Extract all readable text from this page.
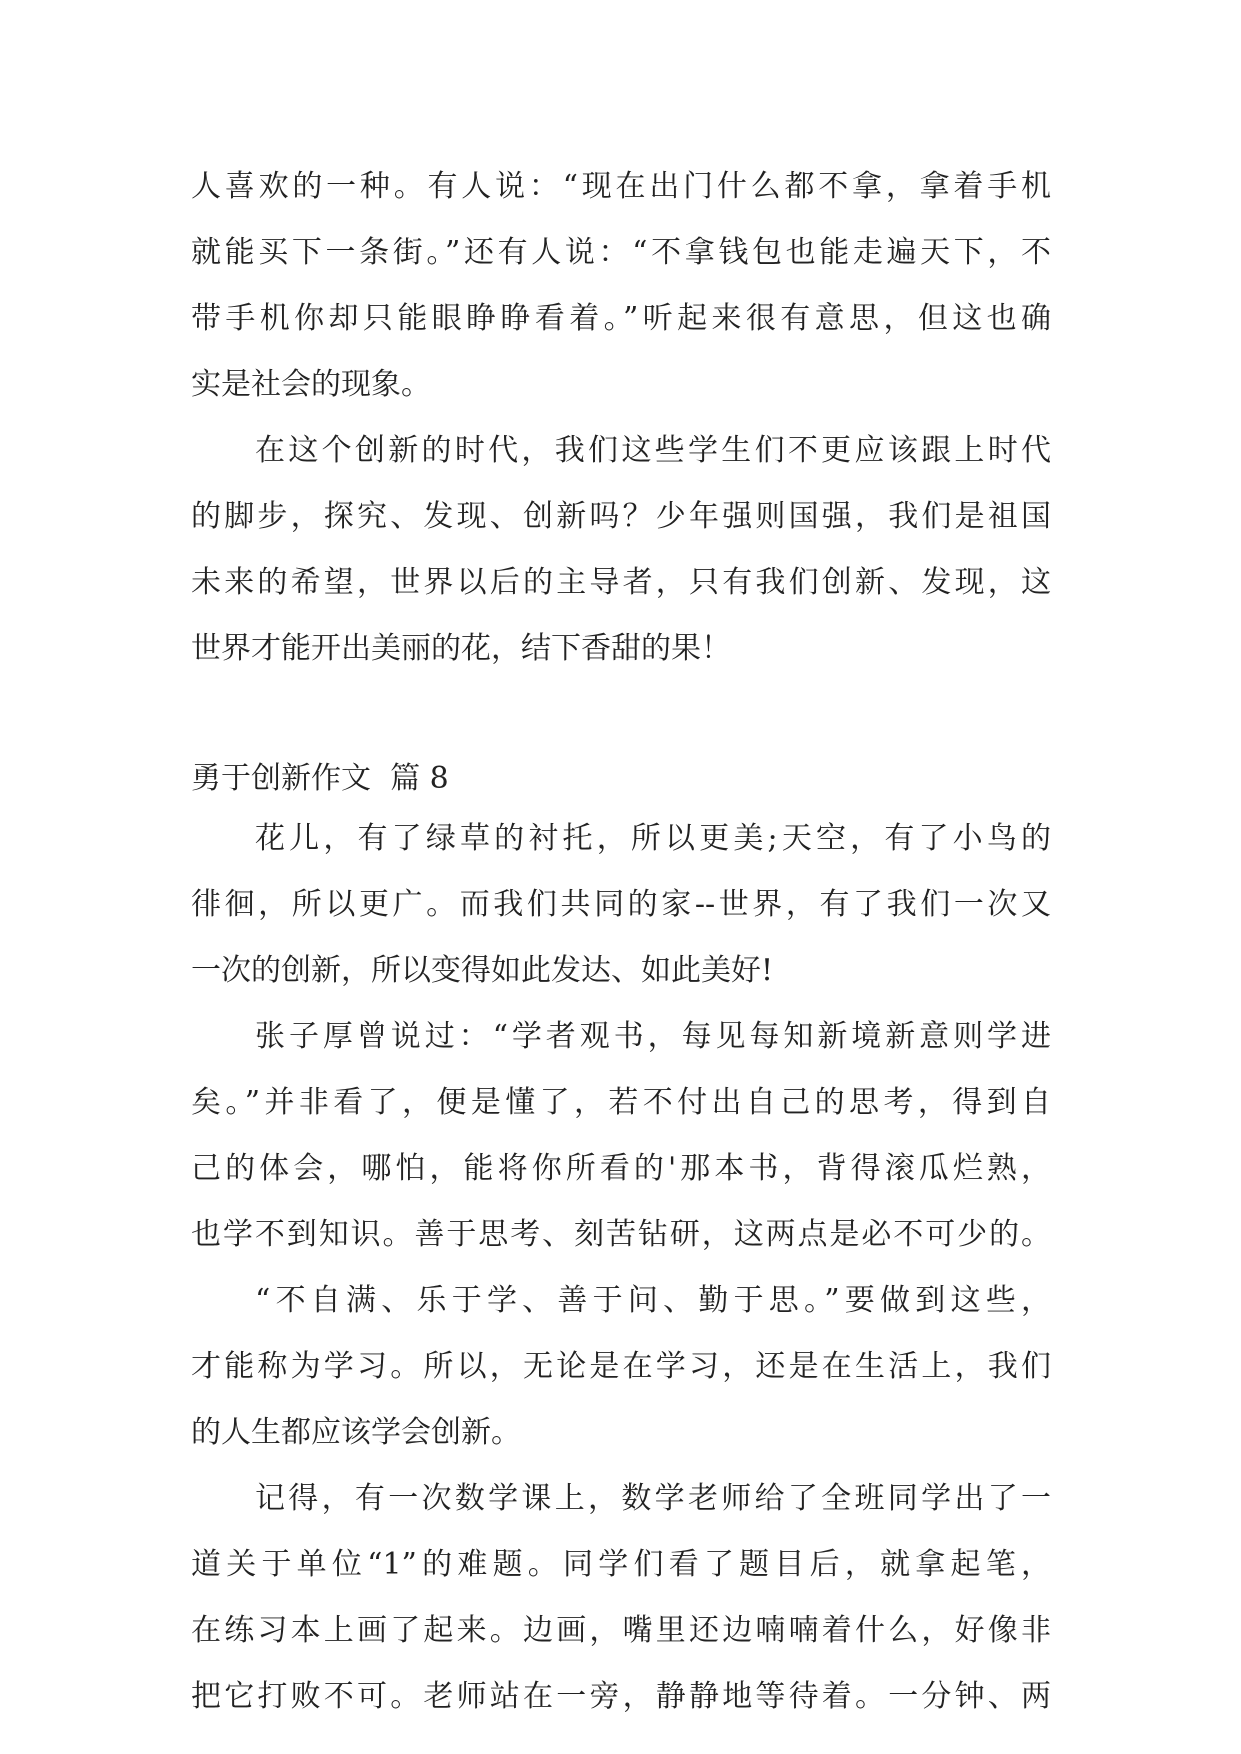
人喜欢的一种。有人说：“现在出门什么都不拿，拿着手机
就能买下一条街。”还有人说：“不拿钱包也能走遍天下，不
带手机你却只能眼睁睁看着。”听起来很有意思，但这也确
实是社会的现象。
在这个创新的时代，我们这些学生们不更应该跟上时代
的脚步，探究、发现、创新吗？少年强则国强，我们是祖国
未来的希望，世界以后的主导者，只有我们创新、发现，这
世界才能开出美丽的花，结下香甜的果！
勇于创新作文  篇 8
花儿，有了绿草的衬托，所以更美;天空，有了小鸟的
徘徊，所以更广。而我们共同的家--世界，有了我们一次又
一次的创新，所以变得如此发达、如此美好!
张子厚曾说过：“学者观书，每见每知新境新意则学进
矣。”并非看了，便是懂了，若不付出自己的思考，得到自
己的体会，哪怕，能将你所看的'那本书，背得滚瓜烂熟，
也学不到知识。善于思考、刻苦钻研，这两点是必不可少的。
“不自满、乐于学、善于问、勤于思。”要做到这些，
才能称为学习。所以，无论是在学习，还是在生活上，我们
的人生都应该学会创新。
记得，有一次数学课上，数学老师给了全班同学出了一
道关于单位“1”的难题。同学们看了题目后，就拿起笔，
在练习本上画了起来。边画，嘴里还边喃喃着什么，好像非
把它打败不可。老师站在一旁，静静地等待着。一分钟、两
